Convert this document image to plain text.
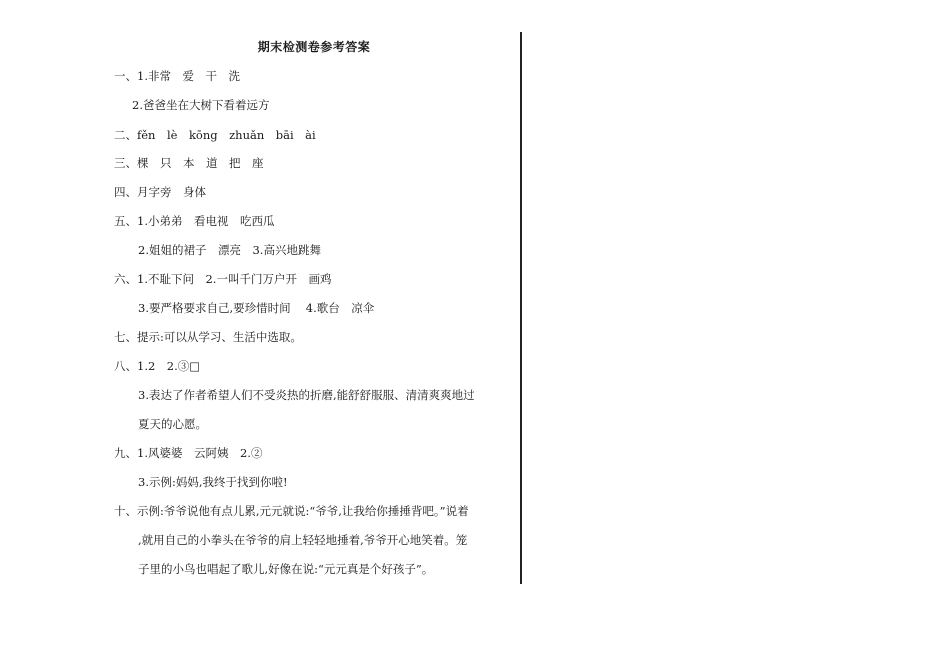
期末检测卷参考答案
一、1.非常　爱　干　洗
2.爸爸坐在大树下看着远方
二、fěn　lè　kōng　zhuǎn　bāi　ài
三、棵　只　本　道　把　座
四、月字旁　身体
五、1.小弟弟　看电视　吃西瓜
2.姐姐的裙子　漂亮　3.高兴地跳舞
六、1.不耻下问　2.一叫千门万户开　画鸡
3.要严格要求自己,要珍惜时间　 4.歌台　凉伞
七、提示:可以从学习、生活中选取。
八、1.2　2.③□
3.表达了作者希望人们不受炎热的折磨,能舒舒服服、清清爽爽地过
夏天的心愿。
九、1.风婆婆　云阿姨　2.②
3.示例:妈妈,我终于找到你啦!
十、示例:爷爷说他有点儿累,元元就说:“爷爷,让我给你捶捶背吧。”说着
,就用自己的小拳头在爷爷的肩上轻轻地捶着,爷爷开心地笑着。笼
子里的小鸟也唱起了歌儿,好像在说:“元元真是个好孩子”。
